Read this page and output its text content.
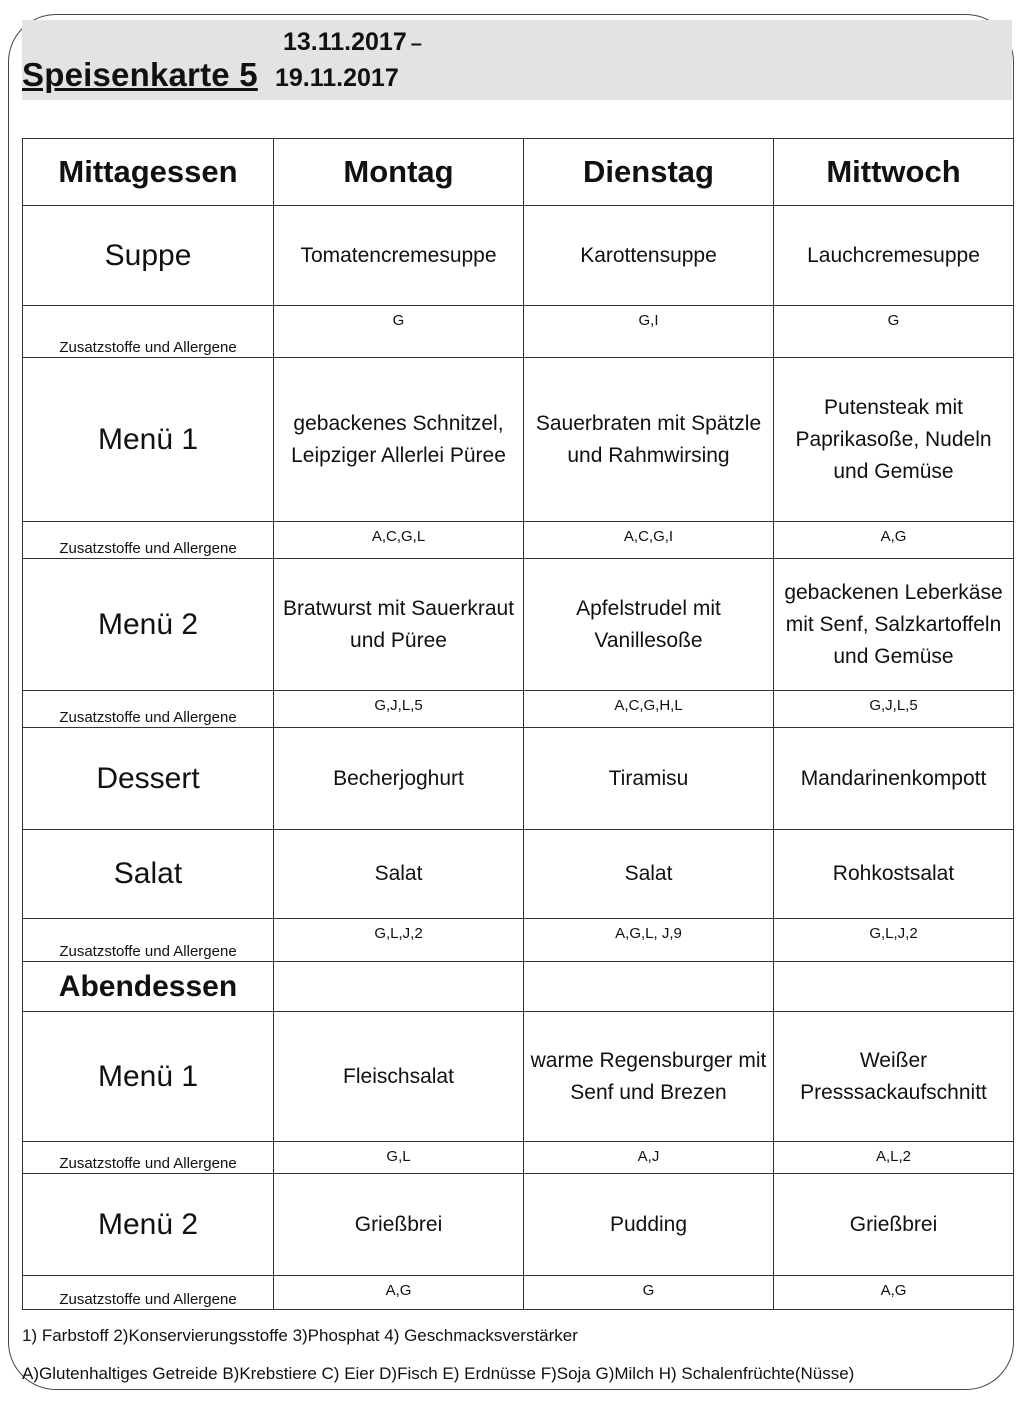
Speisenkarte 5
13.11.2017 –
19.11.2017
Mittagessen	Montag	Dienstag	Mittwoch
Suppe	Tomatencremesuppe	Karottensuppe	Lauchcremesuppe
Zusatzstoffe und Allergene	G	G,I	G
Menü 1	gebackenes Schnitzel, Leipziger Allerlei Püree	Sauerbraten mit Spätzle und Rahmwirsing	Putensteak mit Paprikasoße, Nudeln und Gemüse
Zusatzstoffe und Allergene	A,C,G,L	A,C,G,I	A,G
Menü 2	Bratwurst mit Sauerkraut und Püree	Apfelstrudel mit Vanillesoße	gebackenen Leberkäse mit Senf, Salzkartoffeln und Gemüse
Zusatzstoffe und Allergene	G,J,L,5	A,C,G,H,L	G,J,L,5
Dessert	Becherjoghurt	Tiramisu	Mandarinenkompott
Salat	Salat	Salat	Rohkostsalat
Zusatzstoffe und Allergene	G,L,J,2	A,G,L, J,9	G,L,J,2
Abendessen			
Menü 1	Fleischsalat	warme Regensburger mit Senf und Brezen	Weißer Presssackaufschnitt
Zusatzstoffe und Allergene	G,L	A,J	A,L,2
Menü 2	Grießbrei	Pudding	Grießbrei
Zusatzstoffe und Allergene	A,G	G	A,G
1) Farbstoff 2)Konservierungsstoffe 3)Phosphat 4) Geschmacksverstärker
A)Glutenhaltiges Getreide B)Krebstiere C) Eier D)Fisch E) Erdnüsse F)Soja G)Milch H) Schalenfrüchte(Nüsse)
